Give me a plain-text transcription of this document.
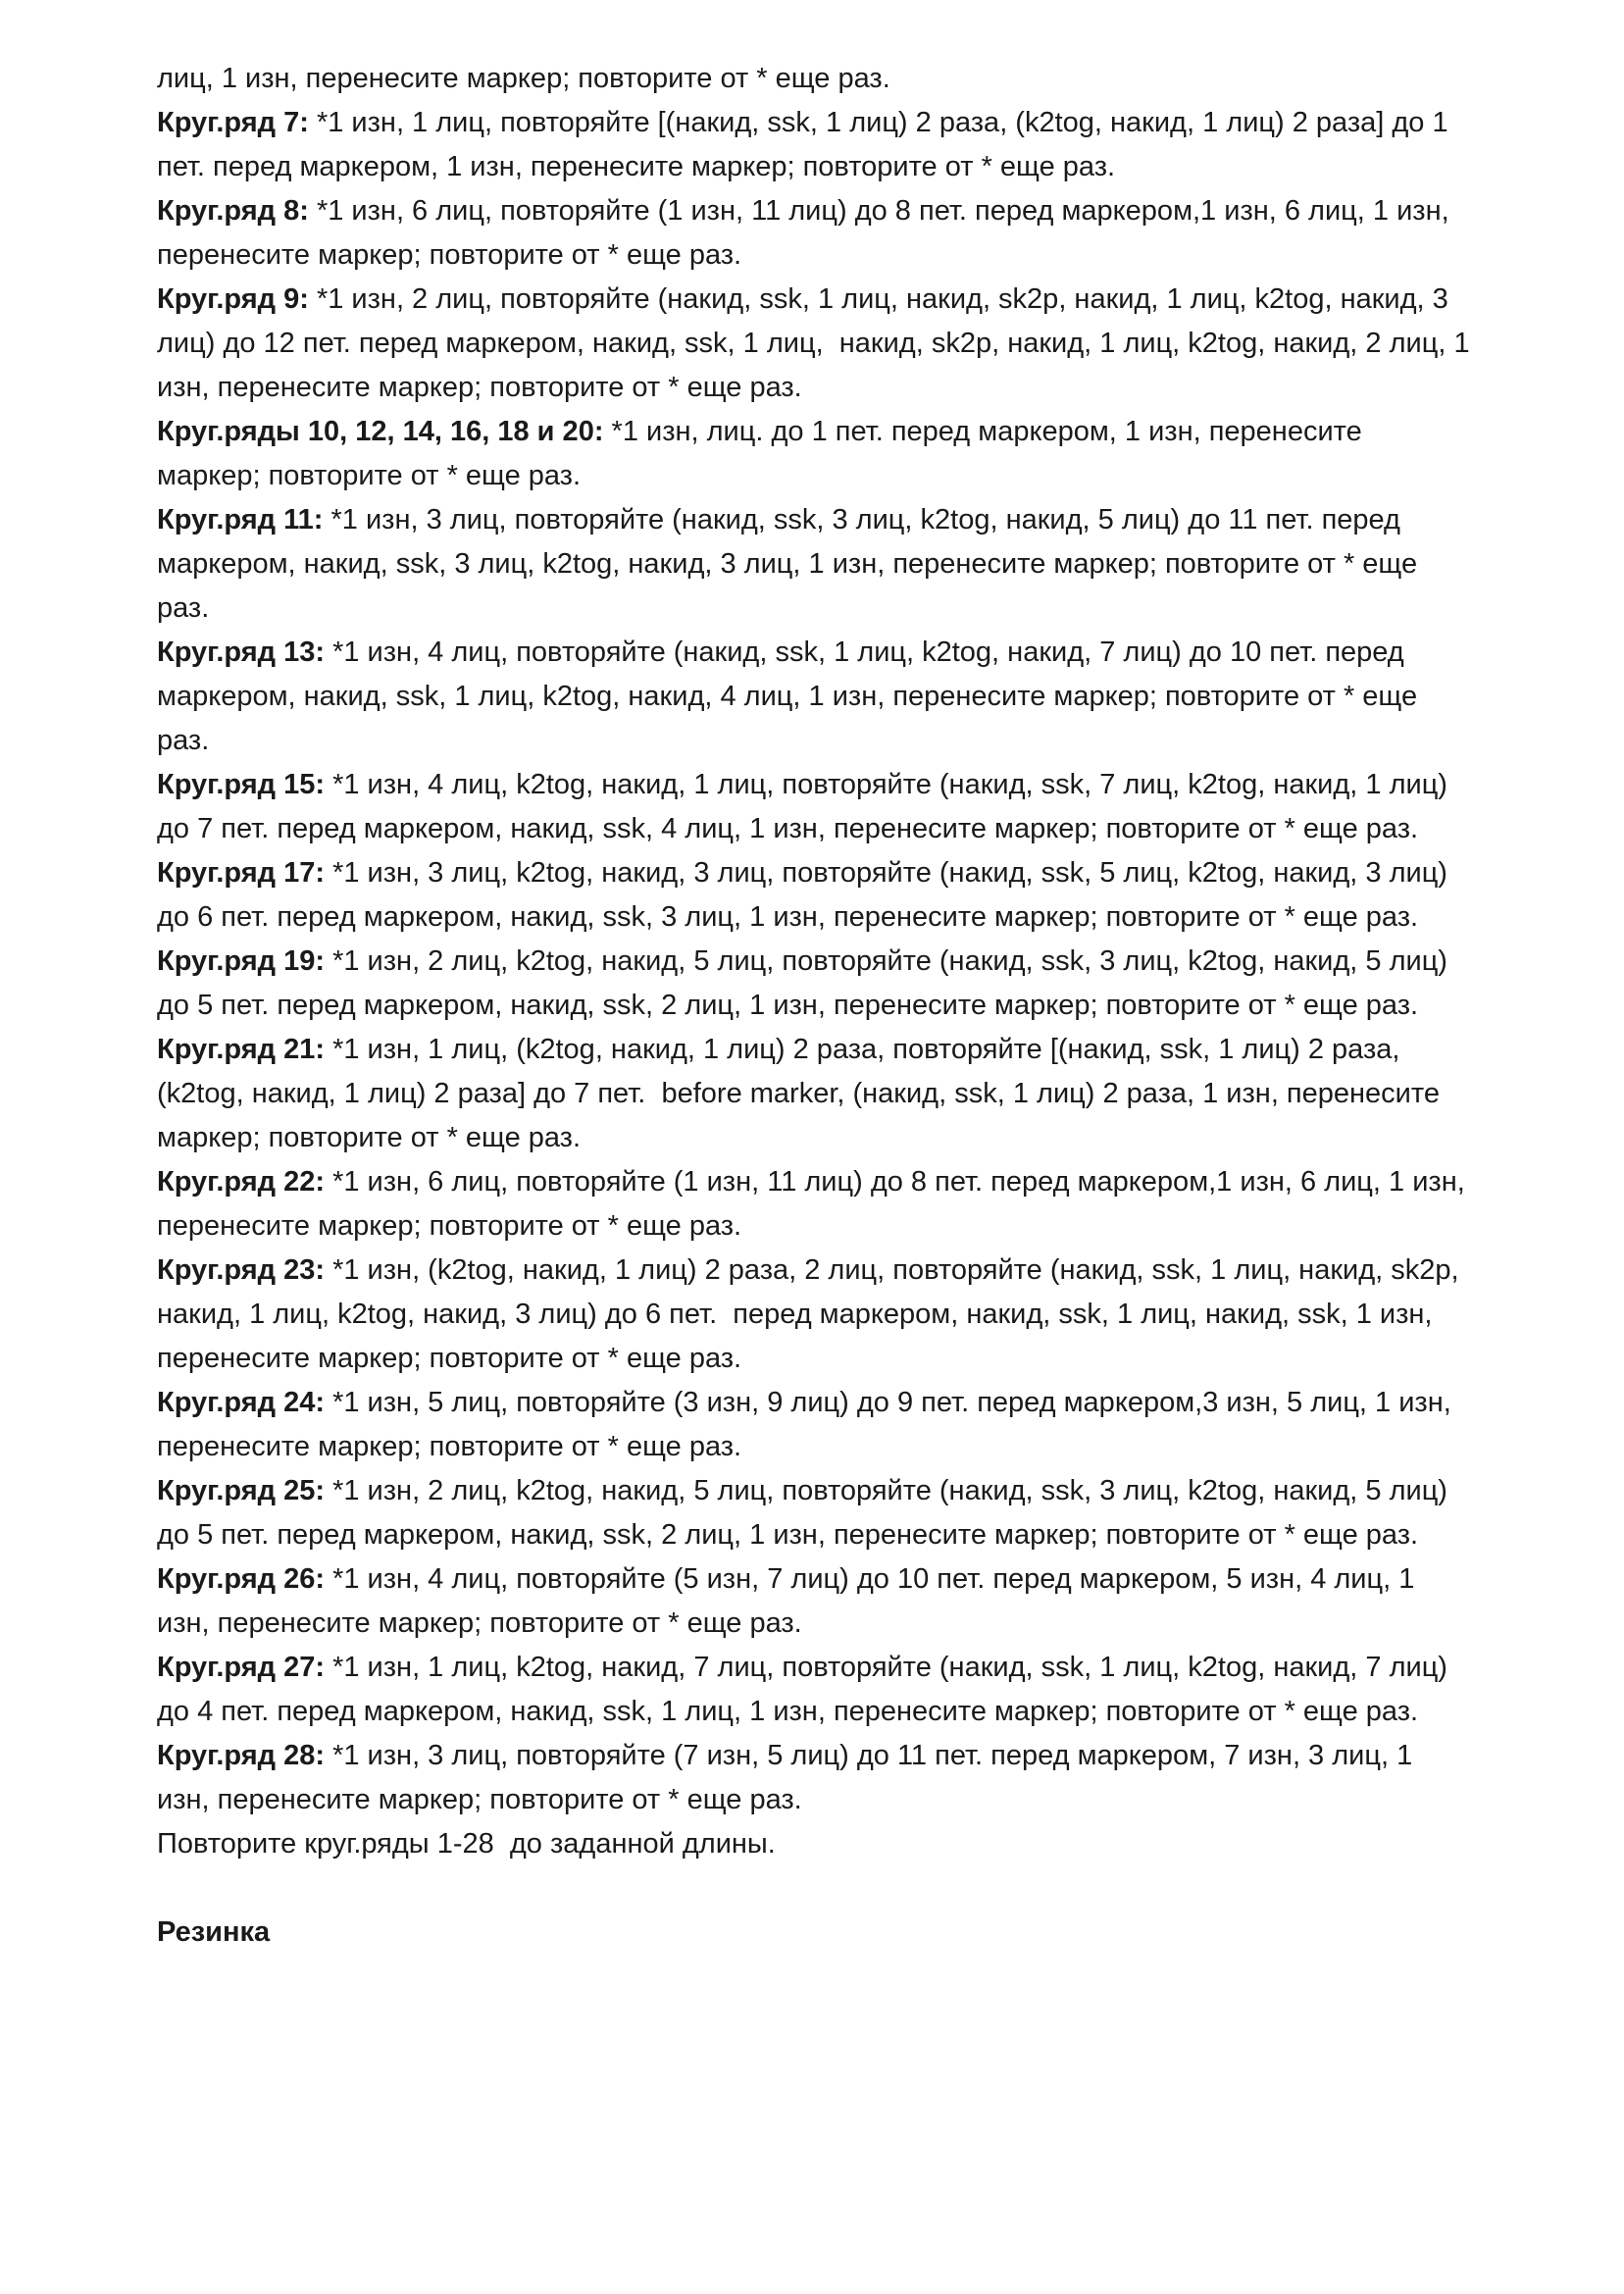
лиц, 1 изн, перенесите маркер; повторите от * еще раз.

Круг.ряд 7: *1 изн, 1 лиц, повторяйте [(накид, ssk, 1 лиц) 2 раза, (k2tog, накид, 1 лиц) 2 раза] до 1 пет. перед маркером, 1 изн, перенесите маркер; повторите от * еще раз.

Круг.ряд 8: *1 изн, 6 лиц, повторяйте (1 изн, 11 лиц) до 8 пет. перед маркером,1 изн, 6 лиц, 1 изн, перенесите маркер; повторите от * еще раз.

Круг.ряд 9: *1 изн, 2 лиц, повторяйте (накид, ssk, 1 лиц, накид, sk2p, накид, 1 лиц, k2tog, накид, 3 лиц) до 12 пет. перед маркером, накид, ssk, 1 лиц,  накид, sk2p, накид, 1 лиц, k2tog, накид, 2 лиц, 1 изн, перенесите маркер; повторите от * еще раз.

Круг.ряды 10, 12, 14, 16, 18 и 20: *1 изн, лиц. до 1 пет. перед маркером, 1 изн, перенесите маркер; повторите от * еще раз.

Круг.ряд 11: *1 изн, 3 лиц, повторяйте (накид, ssk, 3 лиц, k2tog, накид, 5 лиц) до 11 пет. перед маркером, накид, ssk, 3 лиц, k2tog, накид, 3 лиц, 1 изн, перенесите маркер; повторите от * еще раз.

Круг.ряд 13: *1 изн, 4 лиц, повторяйте (накид, ssk, 1 лиц, k2tog, накид, 7 лиц) до 10 пет. перед маркером, накид, ssk, 1 лиц, k2tog, накид, 4 лиц, 1 изн, перенесите маркер; повторите от * еще раз.

Круг.ряд 15: *1 изн, 4 лиц, k2tog, накид, 1 лиц, повторяйте (накид, ssk, 7 лиц, k2tog, накид, 1 лиц) до 7 пет. перед маркером, накид, ssk, 4 лиц, 1 изн, перенесите маркер; повторите от * еще раз.

Круг.ряд 17: *1 изн, 3 лиц, k2tog, накид, 3 лиц, повторяйте (накид, ssk, 5 лиц, k2tog, накид, 3 лиц) до 6 пет. перед маркером, накид, ssk, 3 лиц, 1 изн, перенесите маркер; повторите от * еще раз.

Круг.ряд 19: *1 изн, 2 лиц, k2tog, накид, 5 лиц, повторяйте (накид, ssk, 3 лиц, k2tog, накид, 5 лиц) до 5 пет. перед маркером, накид, ssk, 2 лиц, 1 изн, перенесите маркер; повторите от * еще раз.

Круг.ряд 21: *1 изн, 1 лиц, (k2tog, накид, 1 лиц) 2 раза, повторяйте [(накид, ssk, 1 лиц) 2 раза, (k2tog, накид, 1 лиц) 2 раза] до 7 пет.  before marker, (накид, ssk, 1 лиц) 2 раза, 1 изн, перенесите маркер; повторите от * еще раз.

Круг.ряд 22: *1 изн, 6 лиц, повторяйте (1 изн, 11 лиц) до 8 пет. перед маркером,1 изн, 6 лиц, 1 изн, перенесите маркер; повторите от * еще раз.

Круг.ряд 23: *1 изн, (k2tog, накид, 1 лиц) 2 раза, 2 лиц, повторяйте (накид, ssk, 1 лиц, накид, sk2p, накид, 1 лиц, k2tog, накид, 3 лиц) до 6 пет.  перед маркером, накид, ssk, 1 лиц, накид, ssk, 1 изн, перенесите маркер; повторите от * еще раз.

Круг.ряд 24: *1 изн, 5 лиц, повторяйте (3 изн, 9 лиц) до 9 пет. перед маркером,3 изн, 5 лиц, 1 изн, перенесите маркер; повторите от * еще раз.

Круг.ряд 25: *1 изн, 2 лиц, k2tog, накид, 5 лиц, повторяйте (накид, ssk, 3 лиц, k2tog, накид, 5 лиц) до 5 пет. перед маркером, накид, ssk, 2 лиц, 1 изн, перенесите маркер; повторите от * еще раз.

Круг.ряд 26: *1 изн, 4 лиц, повторяйте (5 изн, 7 лиц) до 10 пет. перед маркером, 5 изн, 4 лиц, 1 изн, перенесите маркер; повторите от * еще раз.

Круг.ряд 27: *1 изн, 1 лиц, k2tog, накид, 7 лиц, повторяйте (накид, ssk, 1 лиц, k2tog, накид, 7 лиц) до 4 пет. перед маркером, накид, ssk, 1 лиц, 1 изн, перенесите маркер; повторите от * еще раз.

Круг.ряд 28: *1 изн, 3 лиц, повторяйте (7 изн, 5 лиц) до 11 пет. перед маркером, 7 изн, 3 лиц, 1 изн, перенесите маркер; повторите от * еще раз.

Повторите круг.ряды 1-28  до заданной длины.

Резинка
